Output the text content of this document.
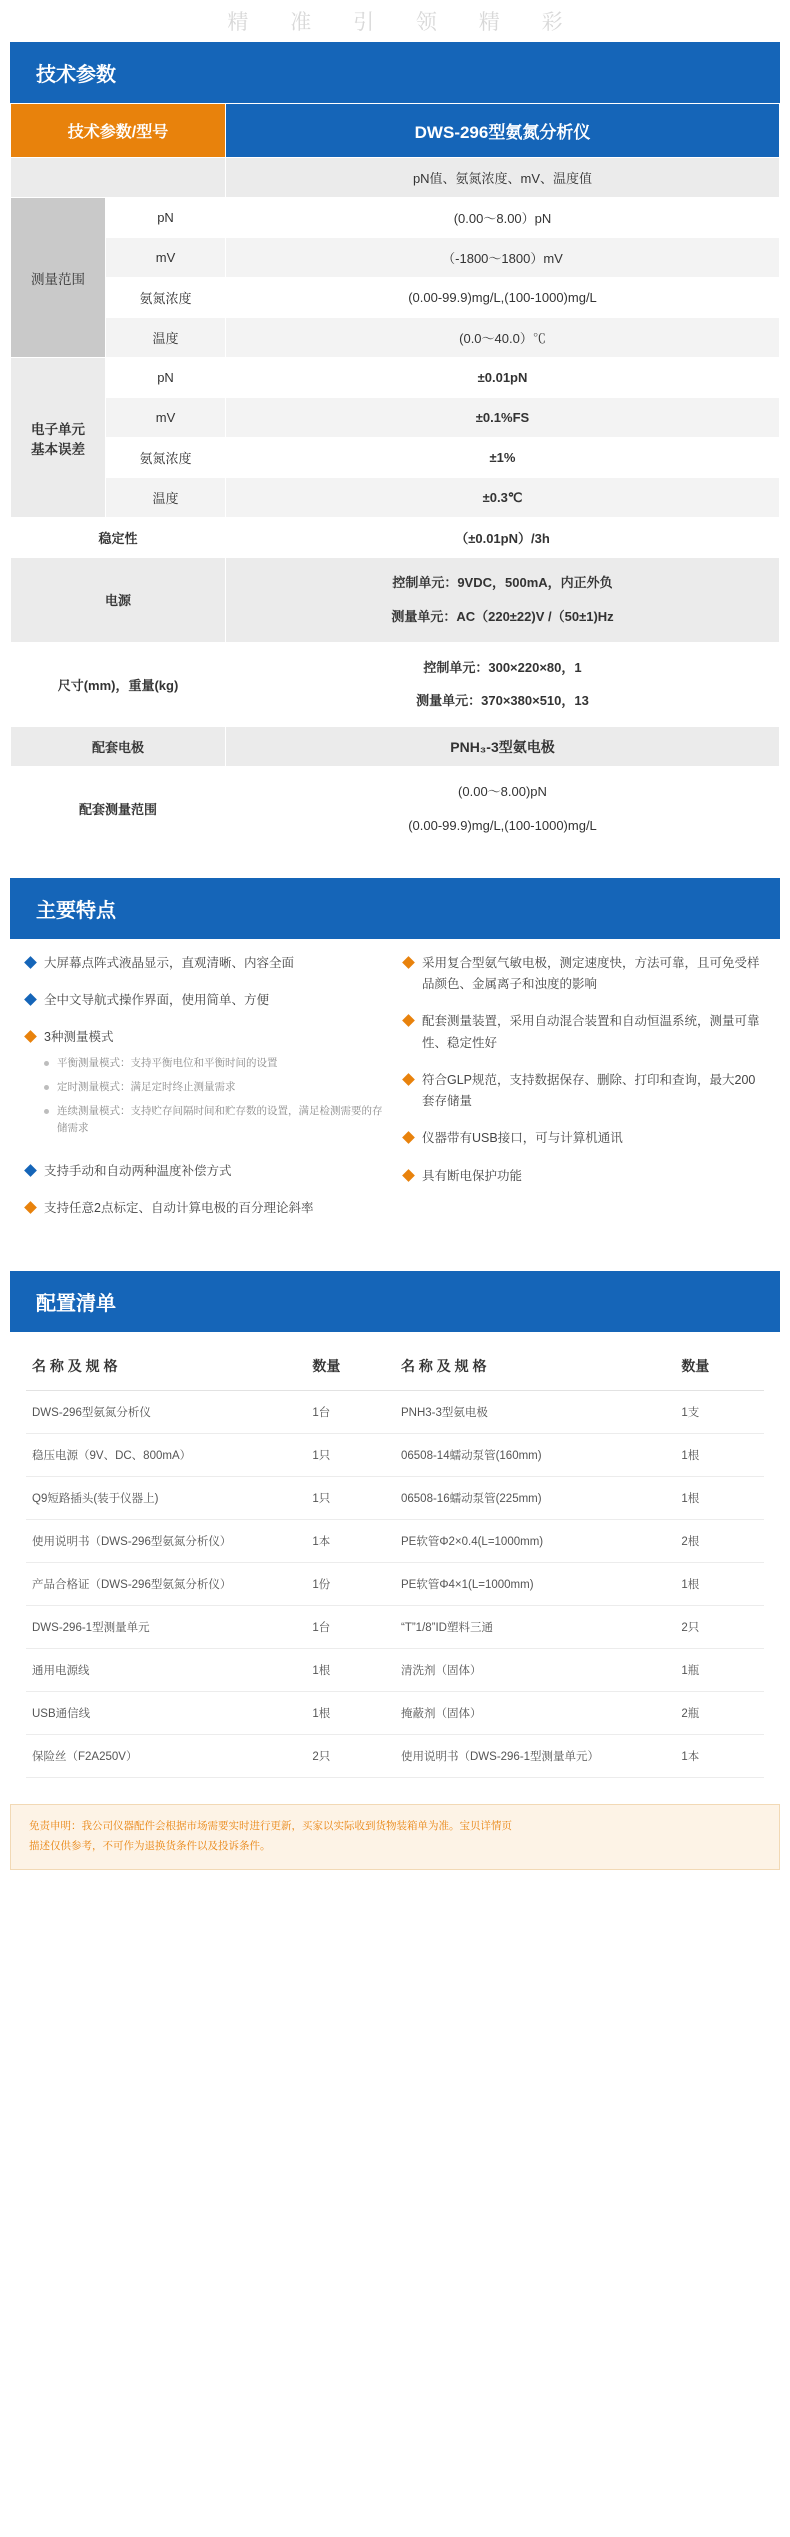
精 准 引 领 精 彩
技术参数
技术参数/型号		DWS-296型氨氮分析仪
		pN值、氨氮浓度、mV、温度值
测量范围	pN	(0.00～8.00）pN
	mV	（-1800～1800）mV
	氨氮浓度	(0.00-99.9)mg/L,(100-1000)mg/L
	温度	(0.0～40.0）℃

电子单元
基本误差	pN	±0.01pN
	mV	±0.1%FS
	氨氮浓度	±1%
	温度	±0.3℃
稳定性		（±0.01pN）/3h
电源		控制单元：9VDC，500mA，内正外负
测量单元：AC（220±22)V /（50±1)Hz

尺寸(mm)，重量(kg)		控制单元：300×220×80，1
测量单元：370×380×510，13

配套电极		PNH₃-3型氨电极
配套测量范围		(0.00～8.00)pN
(0.00-99.9)mg/L,(100-1000)mg/L
主要特点
大屏幕点阵式液晶显示，直观清晰、内容全面
全中文导航式操作界面，使用简单、方便
3种测量模式
平衡测量模式：支持平衡电位和平衡时间的设置
定时测量模式：满足定时终止测量需求
连续测量模式：支持贮存间隔时间和贮存数的设置，满足检测需要的存储需求
支持手动和自动两种温度补偿方式
支持任意2点标定、自动计算电极的百分理论斜率
采用复合型氨气敏电极，测定速度快，方法可靠，且可免受样品颜色、金属离子和浊度的影响
配套测量装置，采用自动混合装置和自动恒温系统，测量可靠性、稳定性好
符合GLP规范，支持数据保存、删除、打印和查询，最大200套存储量
仪器带有USB接口，可与计算机通讯
具有断电保护功能
配置清单
名 称 及 规 格	数量	名 称 及 规 格	数量
DWS-296型氨氮分析仪	1台	PNH3-3型氨电极	1支
稳压电源（9V、DC、800mA）	1只	06508-14蠕动泵管(160mm)	1根
Q9短路插头(装于仪器上)	1只	06508-16蠕动泵管(225mm)	1根
使用说明书（DWS-296型氨氮分析仪）	1本	PE软管Φ2×0.4(L=1000mm)	2根
产品合格证（DWS-296型氨氮分析仪）	1份	PE软管Φ4×1(L=1000mm)	1根
DWS-296-1型测量单元	1台	“T”1/8”ID塑料三通	2只
通用电源线	1根	清洗剂（固体）	1瓶
USB通信线	1根	掩蔽剂（固体）	2瓶
保险丝（F2A250V）	2只	使用说明书（DWS-296-1型测量单元）	1本
免责申明：我公司仪器配件会根据市场需要实时进行更新，买家以实际收到货物装箱单为准。宝贝详情页
描述仅供参考，不可作为退换货条件以及投诉条件。
